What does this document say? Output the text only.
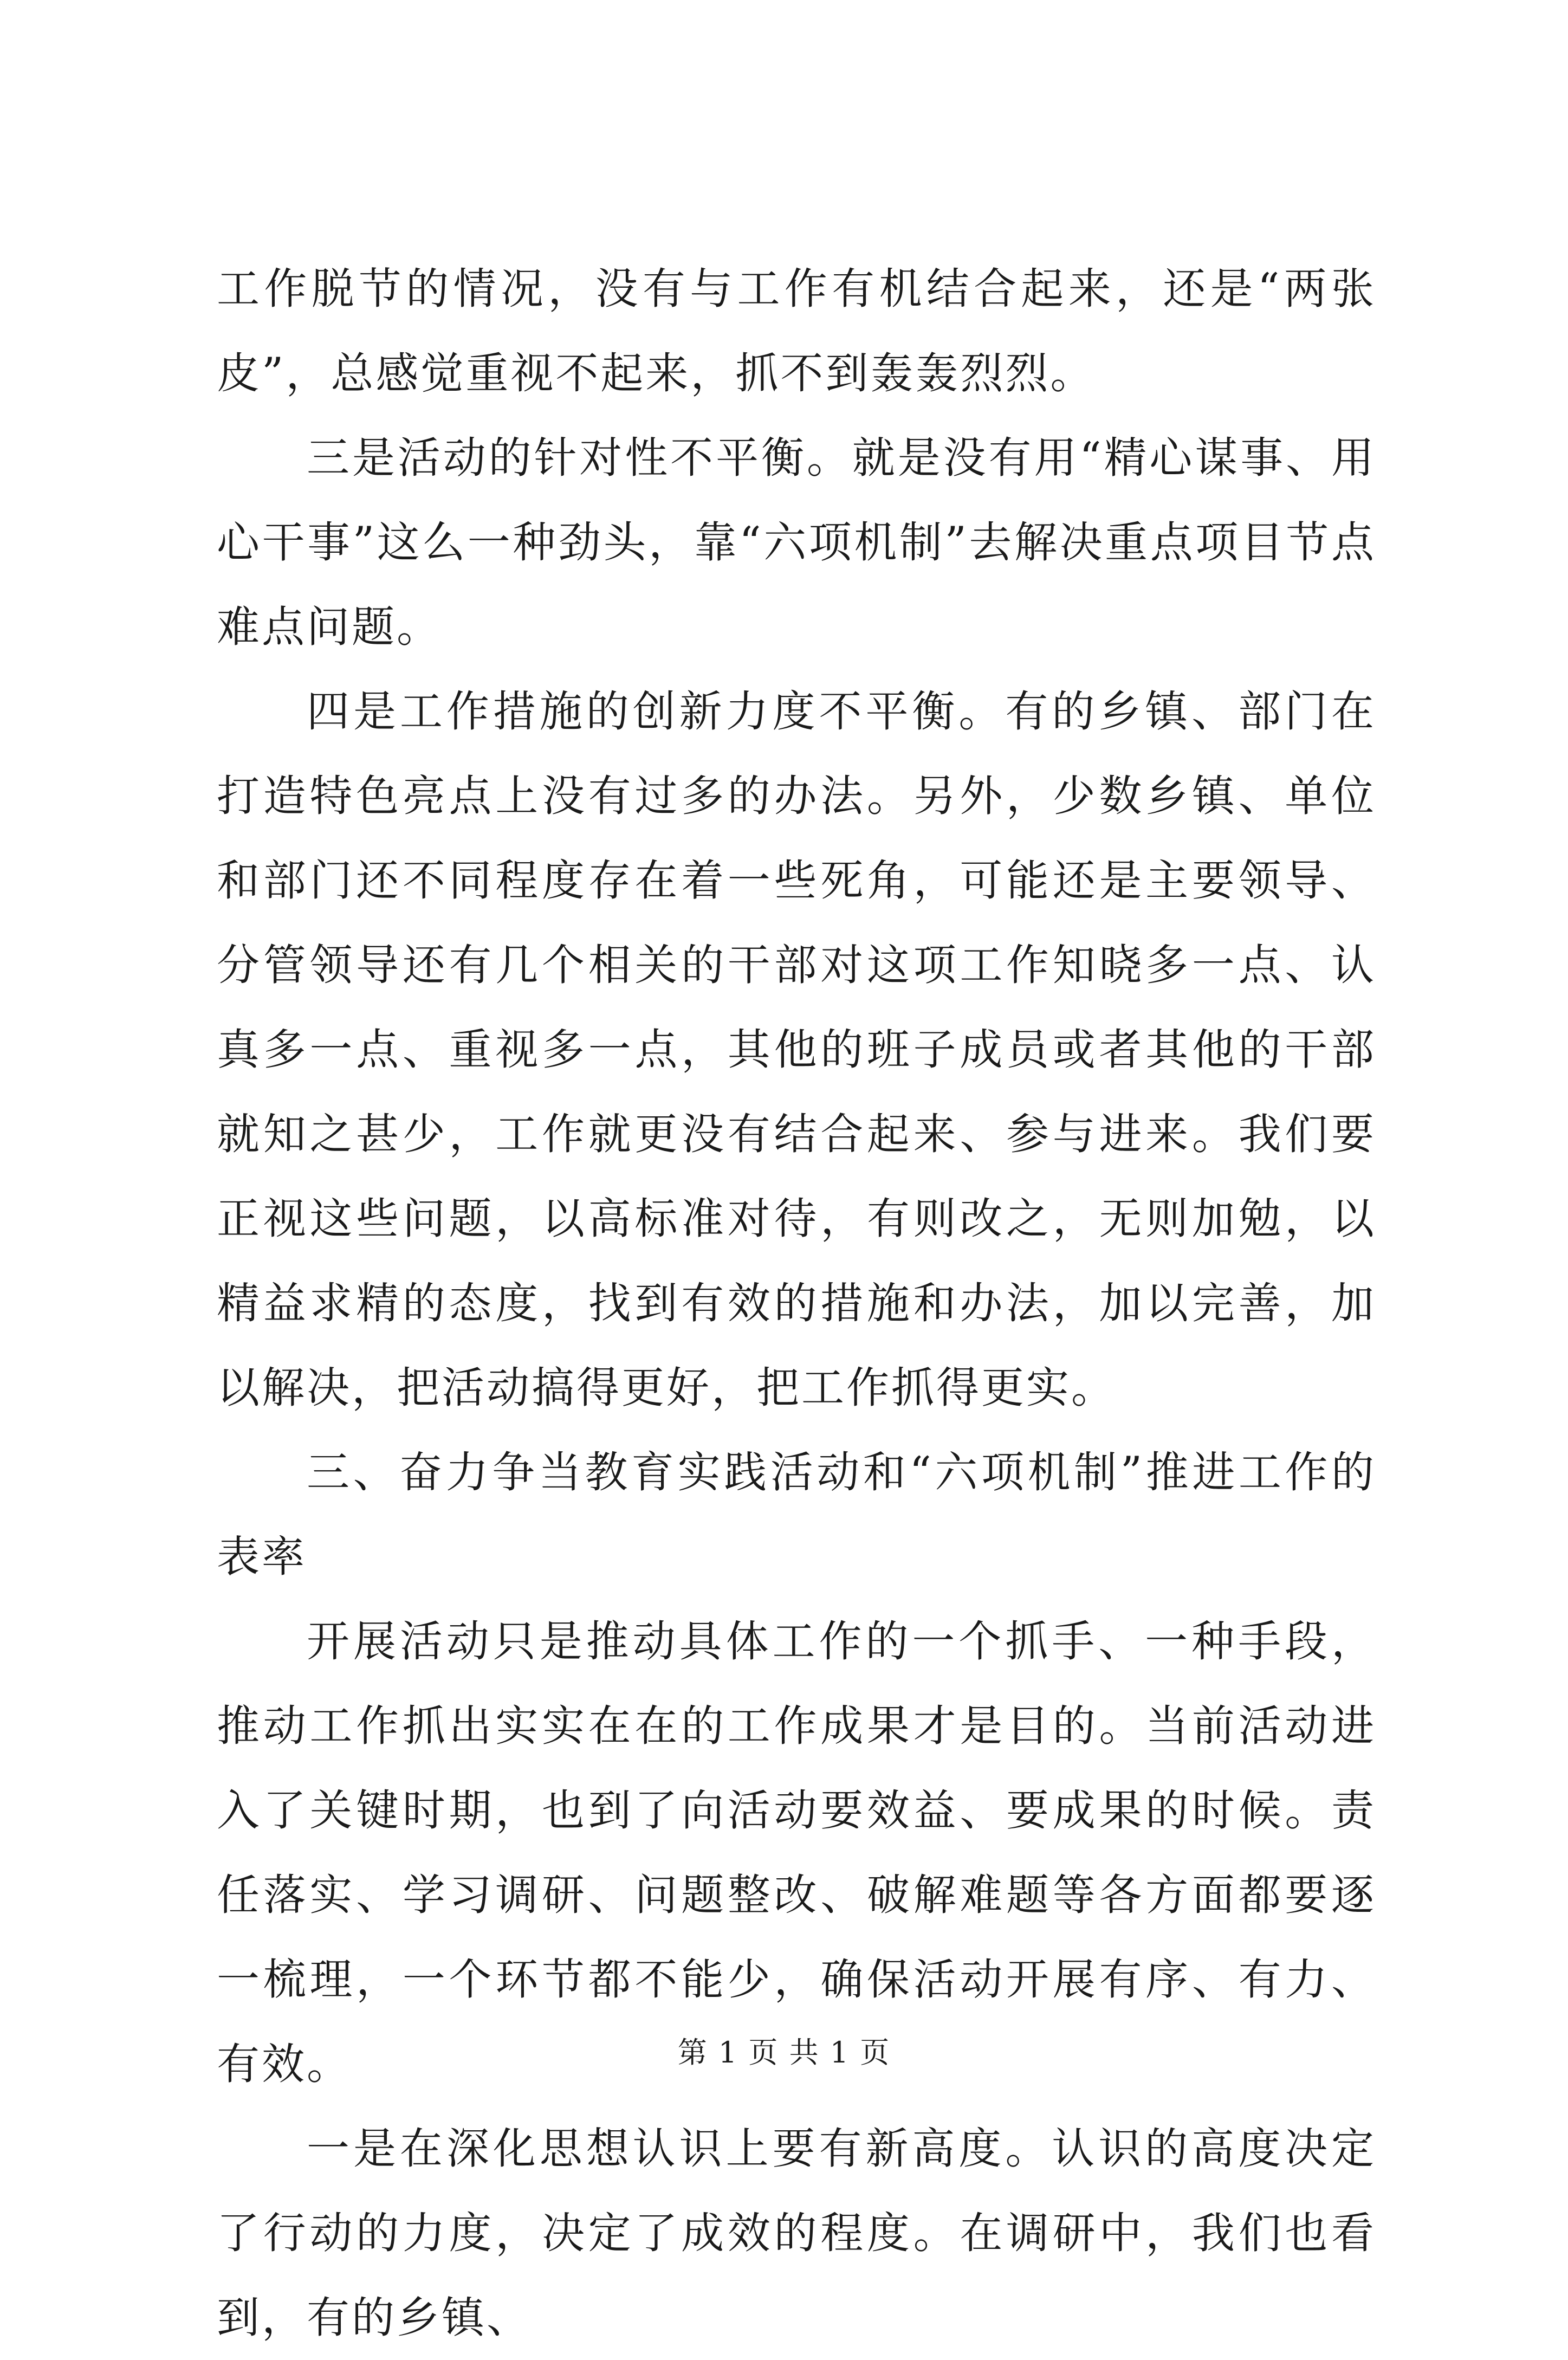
工作脱节的情况，没有与工作有机结合起来，还是“两张皮”，总感觉重视不起来，抓不到轰轰烈烈。

三是活动的针对性不平衡。就是没有用“精心谋事、用心干事”这么一种劲头，靠“六项机制”去解决重点项目节点难点问题。

四是工作措施的创新力度不平衡。有的乡镇、部门在打造特色亮点上没有过多的办法。另外，少数乡镇、单位和部门还不同程度存在着一些死角，可能还是主要领导、分管领导还有几个相关的干部对这项工作知晓多一点、认真多一点、重视多一点，其他的班子成员或者其他的干部就知之甚少，工作就更没有结合起来、参与进来。我们要正视这些问题，以高标准对待，有则改之，无则加勉，以精益求精的态度，找到有效的措施和办法，加以完善，加以解决，把活动搞得更好，把工作抓得更实。

三、奋力争当教育实践活动和“六项机制”推进工作的表率

开展活动只是推动具体工作的一个抓手、一种手段，推动工作抓出实实在在的工作成果才是目的。当前活动进入了关键时期，也到了向活动要效益、要成果的时候。责任落实、学习调研、问题整改、破解难题等各方面都要逐一梳理，一个环节都不能少，确保活动开展有序、有力、有效。

一是在深化思想认识上要有新高度。认识的高度决定了行动的力度，决定了成效的程度。在调研中，我们也看到，有的乡镇、

第 1 页 共 1 页
